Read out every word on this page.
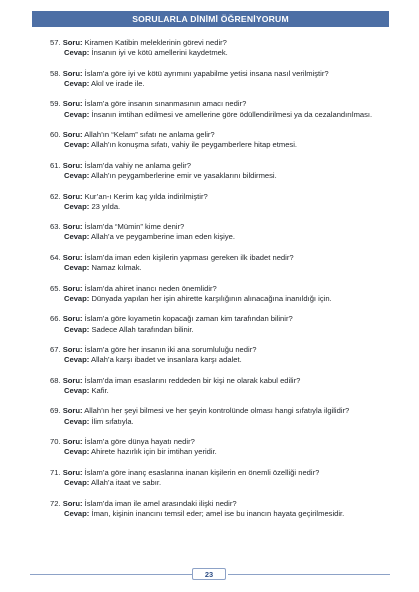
SORULARLA DİNİMİ ÖĞRENİYORUM
57. Soru: Kiramen Katibin meleklerinin görevi nedir?
Cevap: İnsanın iyi ve kötü amellerini kaydetmek.
58. Soru: İslam’a göre iyi ve kötü ayrımını yapabilme yetisi insana nasıl verilmiştir?
Cevap: Akıl ve irade ile.
59. Soru: İslam’a göre insanın sınanmasının amacı nedir?
Cevap: İnsanın imtihan edilmesi ve amellerine göre ödüllendirilmesi ya da cezalandırılması.
60. Soru: Allah’ın “Kelam” sıfatı ne anlama gelir?
Cevap: Allah’ın konuşma sıfatı, vahiy ile peygamberlere hitap etmesi.
61. Soru: İslam’da vahiy ne anlama gelir?
Cevap: Allah’ın peygamberlerine emir ve yasaklarını bildirmesi.
62. Soru: Kur’an-ı Kerim kaç yılda indirilmiştir?
Cevap: 23 yılda.
63. Soru: İslam’da “Mümin” kime denir?
Cevap: Allah’a ve peygamberine iman eden kişiye.
64. Soru: İslam’da iman eden kişilerin yapması gereken ilk ibadet nedir?
Cevap: Namaz kılmak.
65. Soru: İslam’da ahiret inancı neden önemlidir?
Cevap: Dünyada yapılan her işin ahirette karşılığının alınacağına inanıldığı için.
66. Soru: İslam’a göre kıyametin kopacağı zaman kim tarafından bilinir?
Cevap: Sadece Allah tarafından bilinir.
67. Soru: İslam’a göre her insanın iki ana sorumluluğu nedir?
Cevap: Allah’a karşı ibadet ve insanlara karşı adalet.
68. Soru: İslam’da iman esaslarını reddeden bir kişi ne olarak kabul edilir?
Cevap: Kafir.
69. Soru: Allah’ın her şeyi bilmesi ve her şeyin kontrolünde olması hangi sıfatıyla ilgilidir?
Cevap: İlim sıfatıyla.
70. Soru: İslam’a göre dünya hayatı nedir?
Cevap: Ahirete hazırlık için bir imtihan yeridir.
71. Soru: İslam’a göre inanç esaslarına inanan kişilerin en önemli özelliği nedir?
Cevap: Allah’a itaat ve sabır.
72. Soru: İslam’da iman ile amel arasındaki ilişki nedir?
Cevap: İman, kişinin inancını temsil eder; amel ise bu inancın hayata geçirilmesidir.
23
